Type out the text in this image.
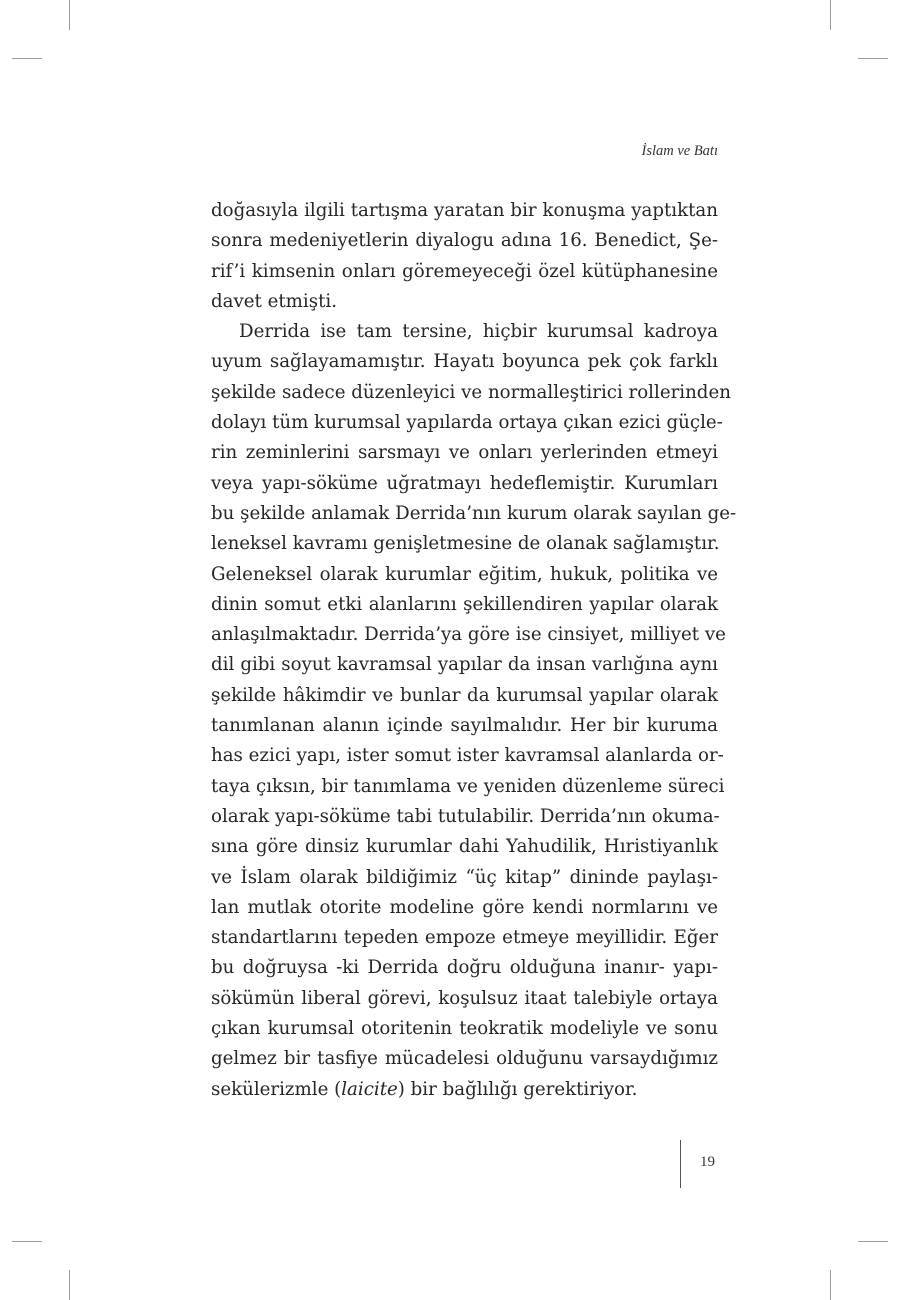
İslam ve Batı
doğasıyla ilgili tartışma yaratan bir konuşma yaptıktan
sonra medeniyetlerin diyalogu adına 16. Benedict, Şe-
rif’i kimsenin onları göremeyeceği özel kütüphanesine
davet etmişti.
Derrida ise tam tersine, hiçbir kurumsal kadroya
uyum sağlayamamıştır. Hayatı boyunca pek çok farklı
şekilde sadece düzenleyici ve normalleştirici rollerinden
dolayı tüm kurumsal yapılarda ortaya çıkan ezici güçle-
rin zeminlerini sarsmayı ve onları yerlerinden etmeyi
veya yapı-söküme uğratmayı hedeflemiştir. Kurumları
bu şekilde anlamak Derrida’nın kurum olarak sayılan ge-
leneksel kavramı genişletmesine de olanak sağlamıştır.
Geleneksel olarak kurumlar eğitim, hukuk, politika ve
dinin somut etki alanlarını şekillendiren yapılar olarak
anlaşılmaktadır. Derrida’ya göre ise cinsiyet, milliyet ve
dil gibi soyut kavramsal yapılar da insan varlığına aynı
şekilde hâkimdir ve bunlar da kurumsal yapılar olarak
tanımlanan alanın içinde sayılmalıdır. Her bir kuruma
has ezici yapı, ister somut ister kavramsal alanlarda or-
taya çıksın, bir tanımlama ve yeniden düzenleme süreci
olarak yapı-söküme tabi tutulabilir. Derrida’nın okuma-
sına göre dinsiz kurumlar dahi Yahudilik, Hıristiyanlık
ve İslam olarak bildiğimiz “üç kitap” dininde paylaşı-
lan mutlak otorite modeline göre kendi normlarını ve
standartlarını tepeden empoze etmeye meyillidir. Eğer
bu doğruysa -ki Derrida doğru olduğuna inanır- yapı-
sökümün liberal görevi, koşulsuz itaat talebiyle ortaya
çıkan kurumsal otoritenin teokratik modeliyle ve sonu
gelmez bir tasfiye mücadelesi olduğunu varsaydığımız
sekülerizmle (laicite) bir bağlılığı gerektiriyor.
19
